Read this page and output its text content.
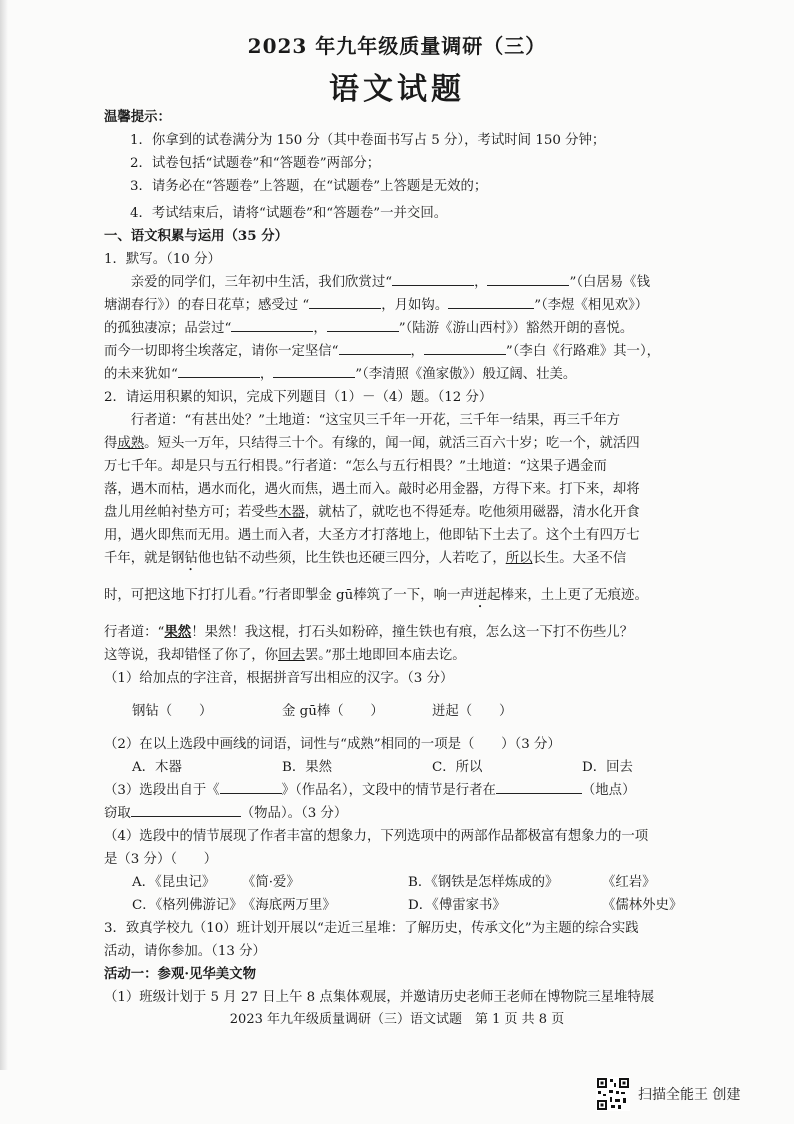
2023 年九年级质量调研（三）
语文试题
温馨提示：
1．你拿到的试卷满分为 150 分（其中卷面书写占 5 分），考试时间 150 分钟；
2．试卷包括“试题卷”和“答题卷”两部分；
3．请务必在“答题卷”上答题，在“试题卷”上答题是无效的；
4．考试结束后，请将“试题卷”和“答题卷”一并交回。
一、语文积累与运用（35 分）
1．默写。（10 分）
亲爱的同学们，三年初中生活，我们欣赏过“	，	”（白居易《钱
塘湖春行》）的春日花草；感受过 “	，月如钩。	”（李煜《相见欢》）
的孤独凄凉；品尝过“	，	”（陆游《游山西村》）豁然开朗的喜悦。
而今一切即将尘埃落定，请你一定坚信“	，	”（李白《行路难》其一），
的未来犹如“	，	”（李清照《渔家傲》）般辽阔、壮美。
2．请运用积累的知识，完成下列题目（1）－（4）题。（12 分）
行者道：“有甚出处？”土地道：“这宝贝三千年一开花，三千年一结果，再三千年方
得成熟。短头一万年，只结得三十个。有缘的，闻一闻，就活三百六十岁；吃一个，就活四
万七千年。却是只与五行相畏。”行者道：“怎么与五行相畏？”土地道：“这果子遇金而
落，遇木而枯，遇水而化，遇火而焦，遇土而入。敲时必用金器，方得下来。打下来，却将
盘儿用丝帕衬垫方可；若受些木器，就枯了，就吃也不得延寿。吃他须用磁器，清水化开食
用，遇火即焦而无用。遇土而入者，大圣方才打落地上，他即钻下土去了。这个土有四万七
千年，就是钢钻他也钻不动些须，比生铁也还硬三四分，人若吃了，所以长生。大圣不信
时，可把这地下打打儿看。”行者即掣金 gū棒筑了一下，响一声迸起棒来，土上更了无痕迹。
行者道：“果然！果然！我这棍，打石头如粉碎，撞生铁也有痕，怎么这一下打不伤些儿？
这等说，我却错怪了你了，你回去罢。”那土地即回本庙去讫。
（1）给加点的字注音，根据拼音写出相应的汉字。（3 分）
钢钻（　　）	金 gū棒（　　）	迸起（　　）
（2）在以上选段中画线的词语，词性与“成熟”相同的一项是（　　）（3 分）
A．木器	B．果然	C．所以	D．回去
（3）选段出自于《	》（作品名），文段中的情节是行者在	（地点）
窃取	（物品）。（3 分）
（4）选段中的情节展现了作者丰富的想象力，下列选项中的两部作品都极富有想象力的一项
是（3 分）（　　）
A．《昆虫记》	《简·爱》	B．《钢铁是怎样炼成的》	《红岩》
C．《格列佛游记》 《海底两万里》	D．《傅雷家书》	《儒林外史》
3．致真学校九（10）班计划开展以“走近三星堆：了解历史，传承文化”为主题的综合实践
活动，请你参加。（13 分）
活动一：参观·见华美文物
（1）班级计划于 5 月 27 日上午 8 点集体观展，并邀请历史老师王老师在博物院三星堆特展
2023 年九年级质量调研（三）语文试题　第 1 页 共 8 页
扫描全能王 创建
